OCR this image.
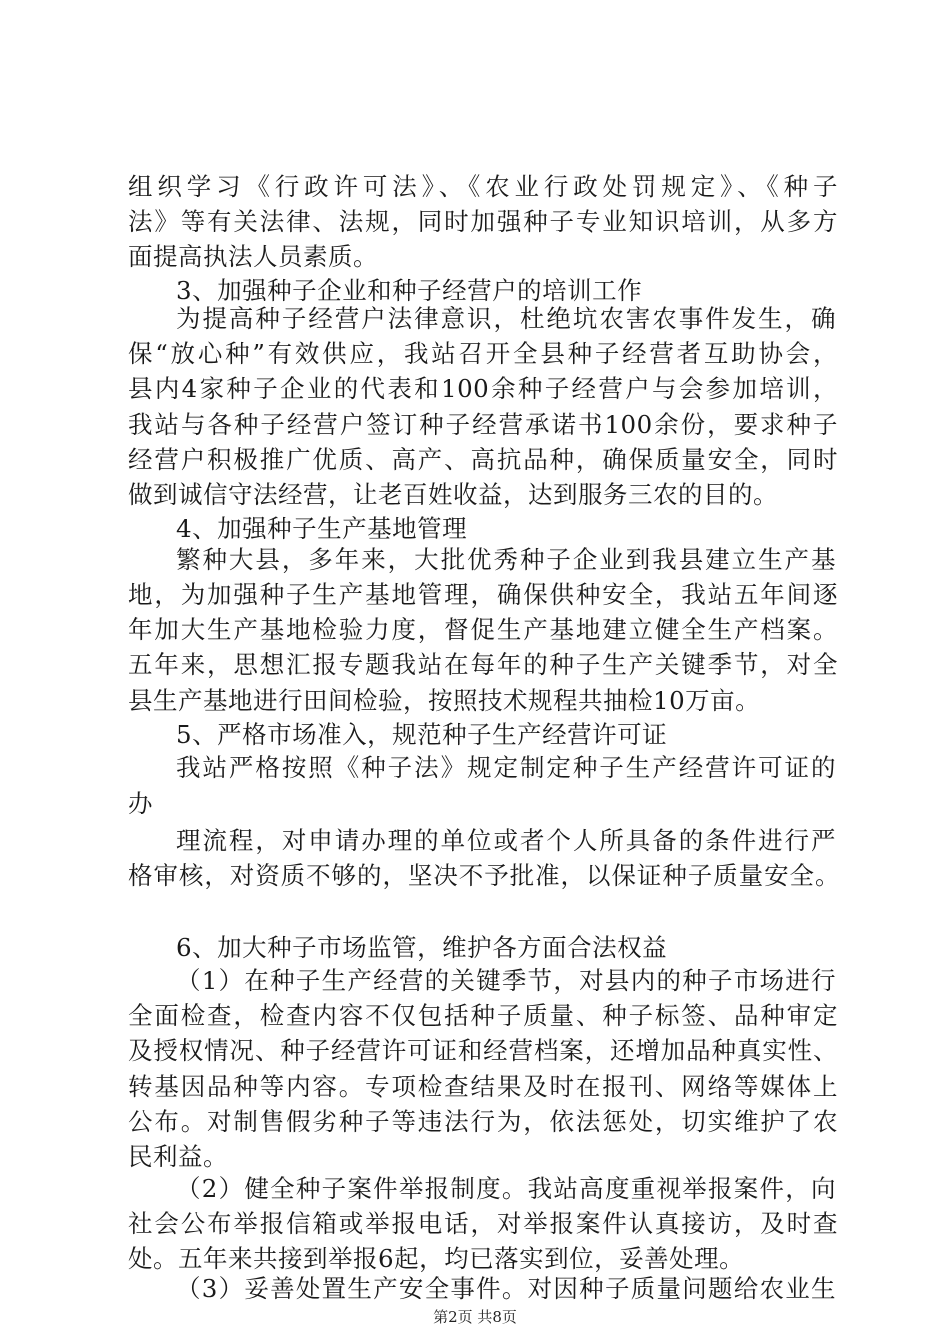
组织学习《行政许可法》、《农业行政处罚规定》、《种子
法》等有关法律、法规，同时加强种子专业知识培训，从多方
面提高执法人员素质。
3、加强种子企业和种子经营户的培训工作
为提高种子经营户法律意识，杜绝坑农害农事件发生，确
保“放心种”有效供应，我站召开全县种子经营者互助协会，
县内4家种子企业的代表和100余种子经营户与会参加培训，
我站与各种子经营户签订种子经营承诺书100余份，要求种子
经营户积极推广优质、高产、高抗品种，确保质量安全，同时
做到诚信守法经营，让老百姓收益，达到服务三农的目的。
4、加强种子生产基地管理
繁种大县，多年来，大批优秀种子企业到我县建立生产基
地，为加强种子生产基地管理，确保供种安全，我站五年间逐
年加大生产基地检验力度，督促生产基地建立健全生产档案。
五年来，思想汇报专题我站在每年的种子生产关键季节，对全
县生产基地进行田间检验，按照技术规程共抽检10万亩。
5、严格市场准入，规范种子生产经营许可证
我站严格按照《种子法》规定制定种子生产经营许可证的
办
理流程，对申请办理的单位或者个人所具备的条件进行严
格审核，对资质不够的，坚决不予批准，以保证种子质量安全。
6、加大种子市场监管，维护各方面合法权益
（1）在种子生产经营的关键季节，对县内的种子市场进行
全面检查，检查内容不仅包括种子质量、种子标签、品种审定
及授权情况、种子经营许可证和经营档案，还增加品种真实性、
转基因品种等内容。专项检查结果及时在报刊、网络等媒体上
公布。对制售假劣种子等违法行为，依法惩处，切实维护了农
民利益。
（2）健全种子案件举报制度。我站高度重视举报案件，向
社会公布举报信箱或举报电话，对举报案件认真接访，及时查
处。五年来共接到举报6起，均已落实到位，妥善处理。
（3）妥善处置生产安全事件。对因种子质量问题给农业生
第2页 共8页
